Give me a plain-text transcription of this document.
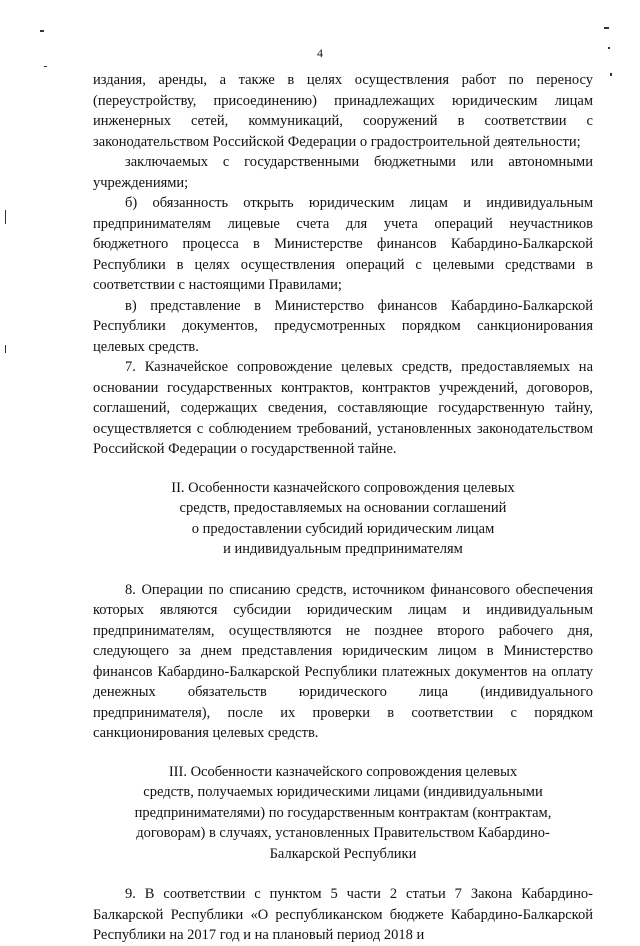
4

издания, аренды, а также в целях осуществления работ по переносу (переустройству, присоединению) принадлежащих юридическим лицам инженерных сетей, коммуникаций, сооружений в соответствии с законодательством Российской Федерации о градостроительной деятельности;

заключаемых с государственными бюджетными или автономными учреждениями;

б) обязанность открыть юридическим лицам и индивидуальным предпринимателям лицевые счета для учета операций неучастников бюджетного процесса в Министерстве финансов Кабардино-Балкарской Республики в целях осуществления операций с целевыми средствами в соответствии с настоящими Правилами;

в) представление в Министерство финансов Кабардино-Балкарской Республики документов, предусмотренных порядком санкционирования целевых средств.

7. Казначейское сопровождение целевых средств, предоставляемых на основании государственных контрактов, контрактов учреждений, договоров, соглашений, содержащих сведения, составляющие государственную тайну, осуществляется с соблюдением требований, установленных законодательством Российской Федерации о государственной тайне.

II. Особенности казначейского сопровождения целевых
средств, предоставляемых на основании соглашений
о предоставлении субсидий юридическим лицам
и индивидуальным предпринимателям

8. Операции по списанию средств, источником финансового обеспечения которых являются субсидии юридическим лицам и индивидуальным предпринимателям, осуществляются не позднее второго рабочего дня, следующего за днем представления юридическим лицом в Министерство финансов Кабардино-Балкарской Республики платежных документов на оплату денежных обязательств юридического лица (индивидуального предпринимателя), после их проверки в соответствии с порядком санкционирования целевых средств.

III. Особенности казначейского сопровождения целевых
средств, получаемых юридическими лицами (индивидуальными
предпринимателями) по государственным контрактам (контрактам,
договорам) в случаях, установленных Правительством Кабардино-
Балкарской Республики

9. В соответствии с пунктом 5 части 2 статьи 7 Закона Кабардино-Балкарской Республики «О республиканском бюджете Кабардино-Балкарской Республики на 2017 год и на плановый период 2018 и
